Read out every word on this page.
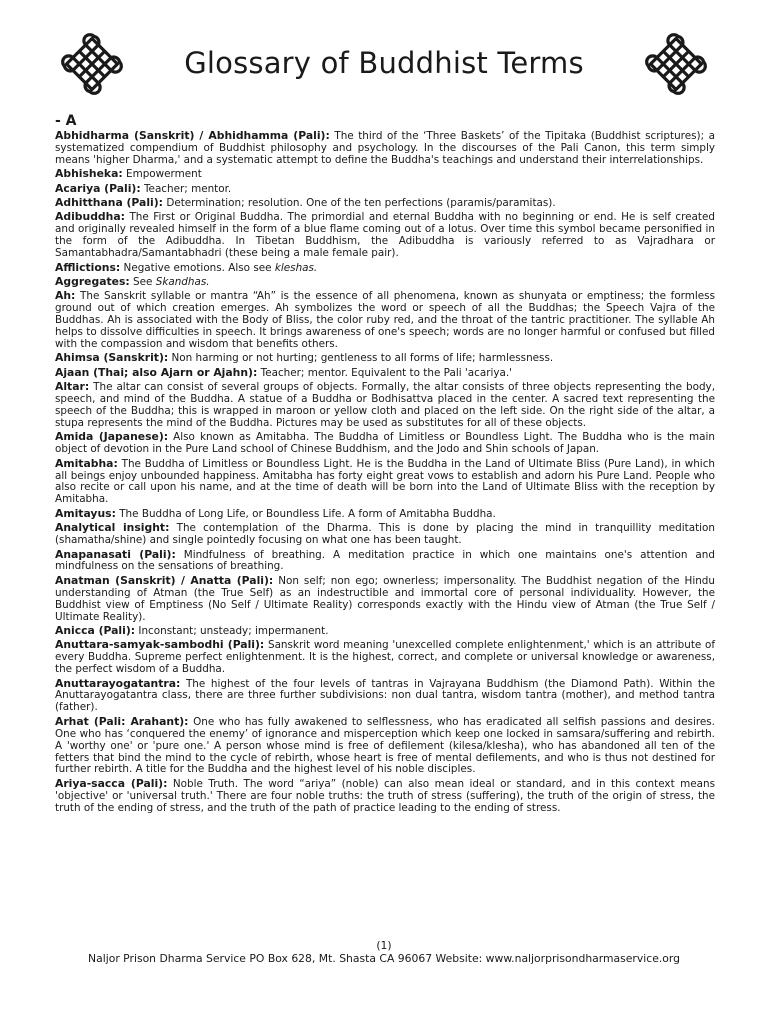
Glossary of Buddhist Terms
- A

Abhidharma (Sanskrit) / Abhidhamma (Pali): The third of the ‘Three Baskets’ of the Tipitaka (Buddhist scriptures); a systematized compendium of Buddhist philosophy and psychology. In the discourses of the Pali Canon, this term simply means 'higher Dharma,' and a systematic attempt to define the Buddha's teachings and understand their interrelationships.

Abhisheka: Empowerment

Acariya (Pali): Teacher; mentor.

Adhitthana (Pali): Determination; resolution. One of the ten perfections (paramis/paramitas).

Adibuddha: The First or Original Buddha. The primordial and eternal Buddha with no beginning or end. He is self created and originally revealed himself in the form of a blue flame coming out of a lotus. Over time this symbol became personified in the form of the Adibuddha. In Tibetan Buddhism, the Adibuddha is variously referred to as Vajradhara or Samantabhadra/Samantabhadri (these being a male female pair).

Afflictions: Negative emotions. Also see kleshas.

Aggregates: See Skandhas.

Ah: The Sanskrit syllable or mantra “Ah” is the essence of all phenomena, known as shunyata or emptiness; the formless ground out of which creation emerges. Ah symbolizes the word or speech of all the Buddhas; the Speech Vajra of the Buddhas. Ah is associated with the Body of Bliss, the color ruby red, and the throat of the tantric practitioner. The syllable Ah helps to dissolve difficulties in speech. It brings awareness of one's speech; words are no longer harmful or confused but filled with the compassion and wisdom that benefits others.

Ahimsa (Sanskrit): Non harming or not hurting; gentleness to all forms of life; harmlessness.

Ajaan (Thai; also Ajarn or Ajahn): Teacher; mentor. Equivalent to the Pali 'acariya.'

Altar: The altar can consist of several groups of objects. Formally, the altar consists of three objects representing the body, speech, and mind of the Buddha. A statue of a Buddha or Bodhisattva placed in the center. A sacred text representing the speech of the Buddha; this is wrapped in maroon or yellow cloth and placed on the left side. On the right side of the altar, a stupa represents the mind of the Buddha. Pictures may be used as substitutes for all of these objects.

Amida (Japanese): Also known as Amitabha. The Buddha of Limitless or Boundless Light. The Buddha who is the main object of devotion in the Pure Land school of Chinese Buddhism, and the Jodo and Shin schools of Japan.

Amitabha: The Buddha of Limitless or Boundless Light. He is the Buddha in the Land of Ultimate Bliss (Pure Land), in which all beings enjoy unbounded happiness. Amitabha has forty eight great vows to establish and adorn his Pure Land. People who also recite or call upon his name, and at the time of death will be born into the Land of Ultimate Bliss with the reception by Amitabha.

Amitayus: The Buddha of Long Life, or Boundless Life. A form of Amitabha Buddha.

Analytical insight: The contemplation of the Dharma. This is done by placing the mind in tranquillity meditation (shamatha/shine) and single pointedly focusing on what one has been taught.

Anapanasati (Pali): Mindfulness of breathing. A meditation practice in which one maintains one's attention and mindfulness on the sensations of breathing.

Anatman (Sanskrit) / Anatta (Pali): Non self; non ego; ownerless; impersonality. The Buddhist negation of the Hindu understanding of Atman (the True Self) as an indestructible and immortal core of personal individuality. However, the Buddhist view of Emptiness (No Self / Ultimate Reality) corresponds exactly with the Hindu view of Atman (the True Self / Ultimate Reality).

Anicca (Pali): Inconstant; unsteady; impermanent.

Anuttara-samyak-sambodhi (Pali): Sanskrit word meaning 'unexcelled complete enlightenment,' which is an attribute of every Buddha. Supreme perfect enlightenment. It is the highest, correct, and complete or universal knowledge or awareness, the perfect wisdom of a Buddha.

Anuttarayogatantra: The highest of the four levels of tantras in Vajrayana Buddhism (the Diamond Path). Within the Anuttarayogatantra class, there are three further subdivisions: non dual tantra, wisdom tantra (mother), and method tantra (father).

Arhat (Pali: Arahant): One who has fully awakened to selflessness, who has eradicated all selfish passions and desires. One who has ‘conquered the enemy’ of ignorance and misperception which keep one locked in samsara/suffering and rebirth. A 'worthy one' or 'pure one.' A person whose mind is free of defilement (kilesa/klesha), who has abandoned all ten of the fetters that bind the mind to the cycle of rebirth, whose heart is free of mental defilements, and who is thus not destined for further rebirth. A title for the Buddha and the highest level of his noble disciples.

Ariya-sacca (Pali): Noble Truth. The word “ariya” (noble) can also mean ideal or standard, and in this context means 'objective' or 'universal truth.' There are four noble truths: the truth of stress (suffering), the truth of the origin of stress, the truth of the ending of stress, and the truth of the path of practice leading to the ending of stress.

(1)
Naljor Prison Dharma Service PO Box 628, Mt. Shasta CA 96067 Website: www.naljorprisondharmaservice.org
